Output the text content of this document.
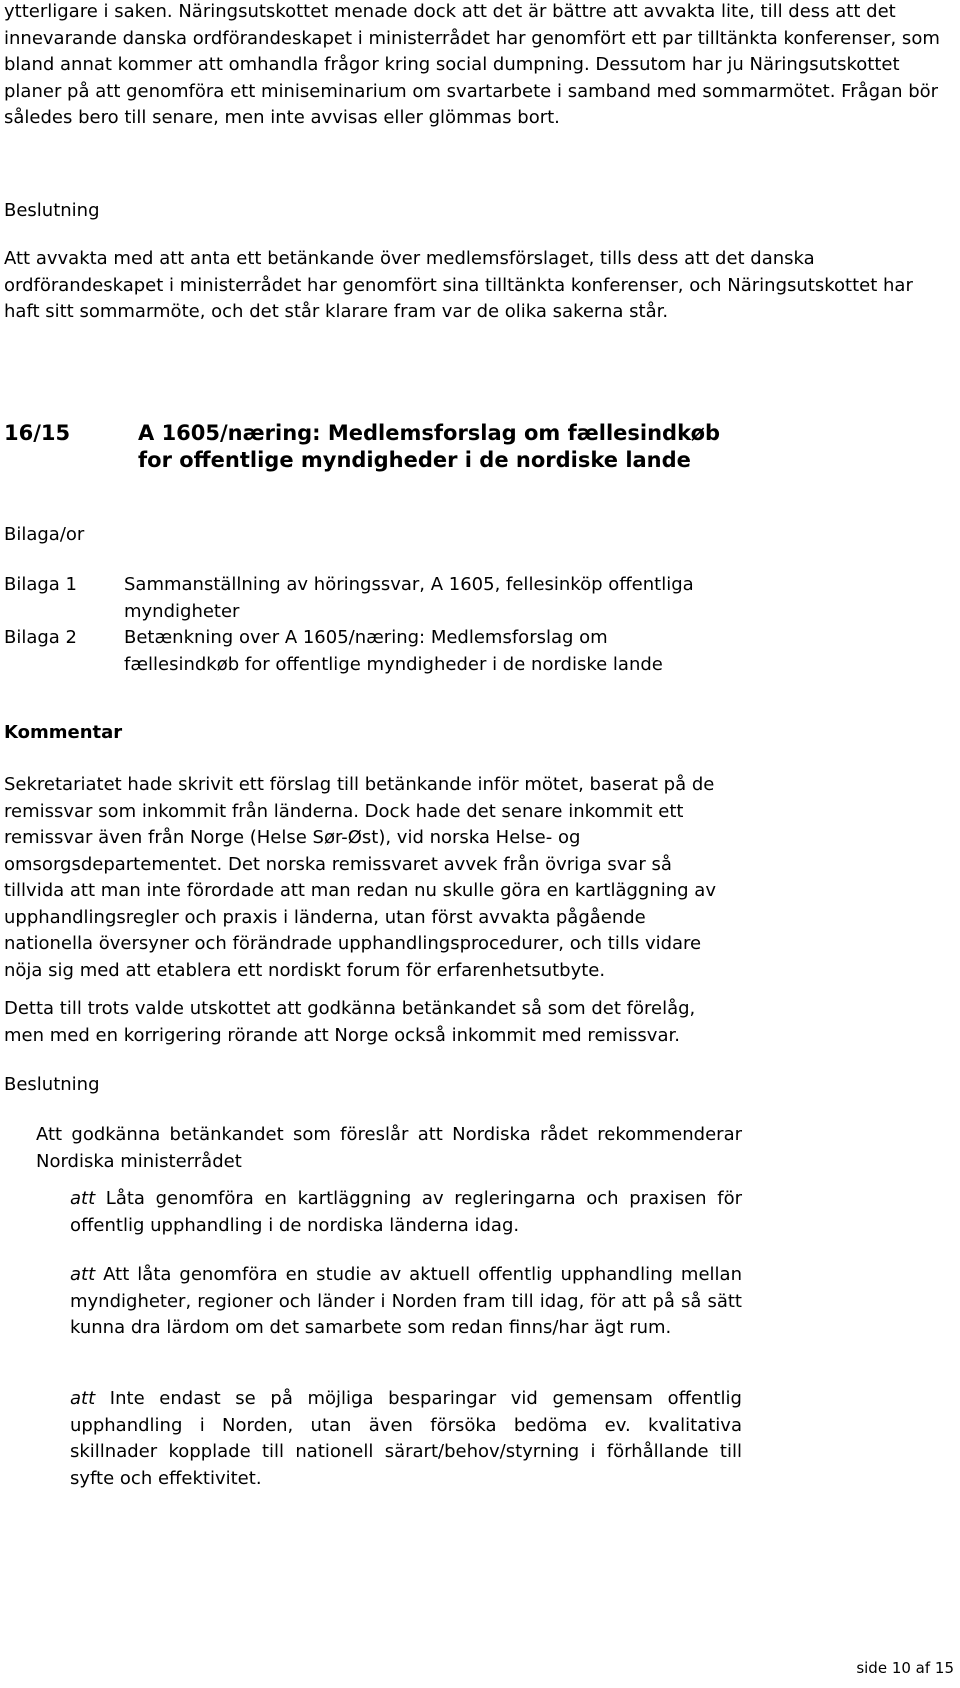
ytterligare i saken. Näringsutskottet menade dock att det är bättre att avvakta lite, till dess att det innevarande danska ordförandeskapet i ministerrådet har genomfört ett par tilltänkta konferenser, som bland annat kommer att omhandla frågor kring social dumpning. Dessutom har ju Näringsutskottet planer på att genomföra ett miniseminarium om svartarbete i samband med sommarmötet. Frågan bör således bero till senare, men inte avvisas eller glömmas bort.

Beslutning

Att avvakta med att anta ett betänkande över medlemsförslaget, tills dess att det danska ordförandeskapet i ministerrådet har genomfört sina tilltänkta konferenser, och Näringsutskottet har haft sitt sommarmöte, och det står klarare fram var de olika sakerna står.

16/15	A 1605/næring: Medlemsforslag om fællesindkøb for offentlige myndigheder i de nordiske lande
Bilaga/or
Bilaga 1	Sammanställning av höringssvar, A 1605, fellesinköp offentliga myndigheter
Bilaga 2	Betænkning over A 1605/næring: Medlemsforslag om fællesindkøb for offentlige myndigheder i de nordiske lande
Kommentar

Sekretariatet hade skrivit ett förslag till betänkande inför mötet, baserat på de remissvar som inkommit från länderna. Dock hade det senare inkommit ett remissvar även från Norge (Helse Sør-Øst), vid norska Helse- og omsorgsdepartementet. Det norska remissvaret avvek från övriga svar så tillvida att man inte förordade att man redan nu skulle göra en kartläggning av upphandlingsregler och praxis i länderna, utan först avvakta pågående nationella översyner och förändrade upphandlingsprocedurer, och tills vidare nöja sig med att etablera ett nordiskt forum för erfarenhetsutbyte.

Detta till trots valde utskottet att godkänna betänkandet så som det förelåg, men med en korrigering rörande att Norge också inkommit med remissvar.

Beslutning

Att godkänna betänkandet som föreslår att Nordiska rådet rekommenderar Nordiska ministerrådet

att Låta genomföra en kartläggning av regleringarna och praxisen för offentlig upphandling i de nordiska länderna idag.

att Att låta genomföra en studie av aktuell offentlig upphandling mellan myndigheter, regioner och länder i Norden fram till idag, för att på så sätt kunna dra lärdom om det samarbete som redan finns/har ägt rum.

att Inte endast se på möjliga besparingar vid gemensam offentlig upphandling i Norden, utan även försöka bedöma ev. kvalitativa skillnader kopplade till nationell särart/behov/styrning i förhållande till syfte och effektivitet.

side 10 af 15
